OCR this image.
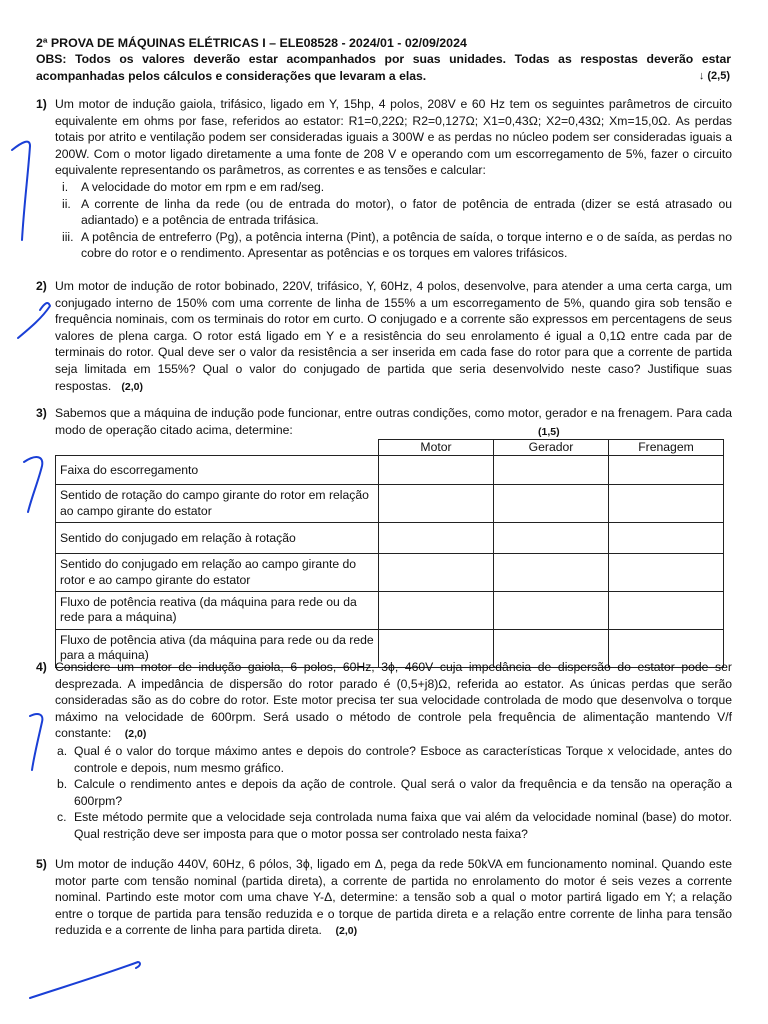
2ª PROVA DE MÁQUINAS ELÉTRICAS I – ELE08528 - 2024/01 - 02/09/2024
OBS: Todos os valores deverão estar acompanhados por suas unidades. Todas as respostas deverão estar acompanhadas pelos cálculos e considerações que levaram a elas.	↓ (2,5)
1) Um motor de indução gaiola, trifásico, ligado em Y, 15hp, 4 polos, 208V e 60 Hz tem os seguintes parâmetros de circuito equivalente em ohms por fase, referidos ao estator: R1=0,22Ω; R2=0,127Ω; X1=0,43Ω; X2=0,43Ω; Xm=15,0Ω. As perdas totais por atrito e ventilação podem ser consideradas iguais a 300W e as perdas no núcleo podem ser consideradas iguais a 200W. Com o motor ligado diretamente a uma fonte de 208 V e operando com um escorregamento de 5%, fazer o circuito equivalente representando os parâmetros, as correntes e as tensões e calcular:
i. A velocidade do motor em rpm e em rad/seg.
ii. A corrente de linha da rede (ou de entrada do motor), o fator de potência de entrada (dizer se está atrasado ou adiantado) e a potência de entrada trifásica.
iii. A potência de entreferro (Pg), a potência interna (Pint), a potência de saída, o torque interno e o de saída, as perdas no cobre do rotor e o rendimento. Apresentar as potências e os torques em valores trifásicos.
2) Um motor de indução de rotor bobinado, 220V, trifásico, Y, 60Hz, 4 polos, desenvolve, para atender a uma certa carga, um conjugado interno de 150% com uma corrente de linha de 155% a um escorregamento de 5%, quando gira sob tensão e frequência nominais, com os terminais do rotor em curto. O conjugado e a corrente são expressos em percentagens de seus valores de plena carga. O rotor está ligado em Y e a resistência do seu enrolamento é igual a 0,1Ω entre cada par de terminais do rotor. Qual deve ser o valor da resistência a ser inserida em cada fase do rotor para que a corrente de partida seja limitada em 155%? Qual o valor do conjugado de partida que seria desenvolvido neste caso? Justifique suas respostas. (2,0)
3) Sabemos que a máquina de indução pode funcionar, entre outras condições, como motor, gerador e na frenagem. Para cada modo de operação citado acima, determine:	(1,5)
	Motor	Gerador	Frenagem
Faixa do escorregamento			
Sentido de rotação do campo girante do rotor em relação ao campo girante do estator			
Sentido do conjugado em relação à rotação			
Sentido do conjugado em relação ao campo girante do rotor e ao campo girante do estator			
Fluxo de potência reativa (da máquina para rede ou da rede para a máquina)			
Fluxo de potência ativa (da máquina para rede ou da rede para a máquina)			
4) Considere um motor de indução gaiola, 6 polos, 60Hz, 3ϕ, 460V cuja impedância de dispersão do estator pode ser desprezada. A impedância de dispersão do rotor parado é (0,5+j8)Ω, referida ao estator. As únicas perdas que serão consideradas são as do cobre do rotor. Este motor precisa ter sua velocidade controlada de modo que desenvolva o torque máximo na velocidade de 600rpm. Será usado o método de controle pela frequência de alimentação mantendo V/f constante: (2,0)
a. Qual é o valor do torque máximo antes e depois do controle? Esboce as características Torque x velocidade, antes do controle e depois, num mesmo gráfico.
b. Calcule o rendimento antes e depois da ação de controle. Qual será o valor da frequência e da tensão na operação a 600rpm?
c. Este método permite que a velocidade seja controlada numa faixa que vai além da velocidade nominal (base) do motor. Qual restrição deve ser imposta para que o motor possa ser controlado nesta faixa?
5) Um motor de indução 440V, 60Hz, 6 pólos, 3ϕ, ligado em Δ, pega da rede 50kVA em funcionamento nominal. Quando este motor parte com tensão nominal (partida direta), a corrente de partida no enrolamento do motor é seis vezes a corrente nominal. Partindo este motor com uma chave Y-Δ, determine: a tensão sob a qual o motor partirá ligado em Y; a relação entre o torque de partida para tensão reduzida e o torque de partida direta e a relação entre corrente de linha para tensão reduzida e a corrente de linha para partida direta. (2,0)
